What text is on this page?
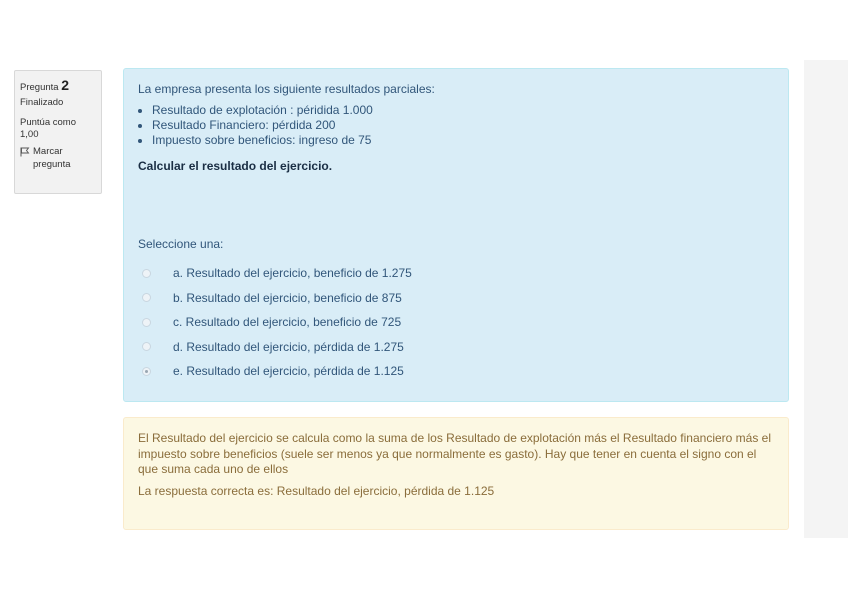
Pregunta 2
Finalizado
Puntúa como 1,00
Marcar pregunta

La empresa presenta los siguiente resultados parciales:

• Resultado de explotación : péridida 1.000
• Resultado Financiero: pérdida 200
• Impuesto sobre beneficios: ingreso de 75

Calcular el resultado del ejercicio.

Seleccione una:
a. Resultado del ejercicio, beneficio de 1.275
b. Resultado del ejercicio, beneficio de 875
c. Resultado del ejercicio, beneficio de 725
d. Resultado del ejercicio, pérdida de 1.275
e. Resultado del ejercicio, pérdida de 1.125

El Resultado del ejercicio se calcula como la suma de los Resultado de explotación más el Resultado financiero más el impuesto sobre beneficios (suele ser menos ya que normalmente es gasto). Hay que tener en cuenta el signo con el que suma cada uno de ellos

La respuesta correcta es: Resultado del ejercicio, pérdida de 1.125
